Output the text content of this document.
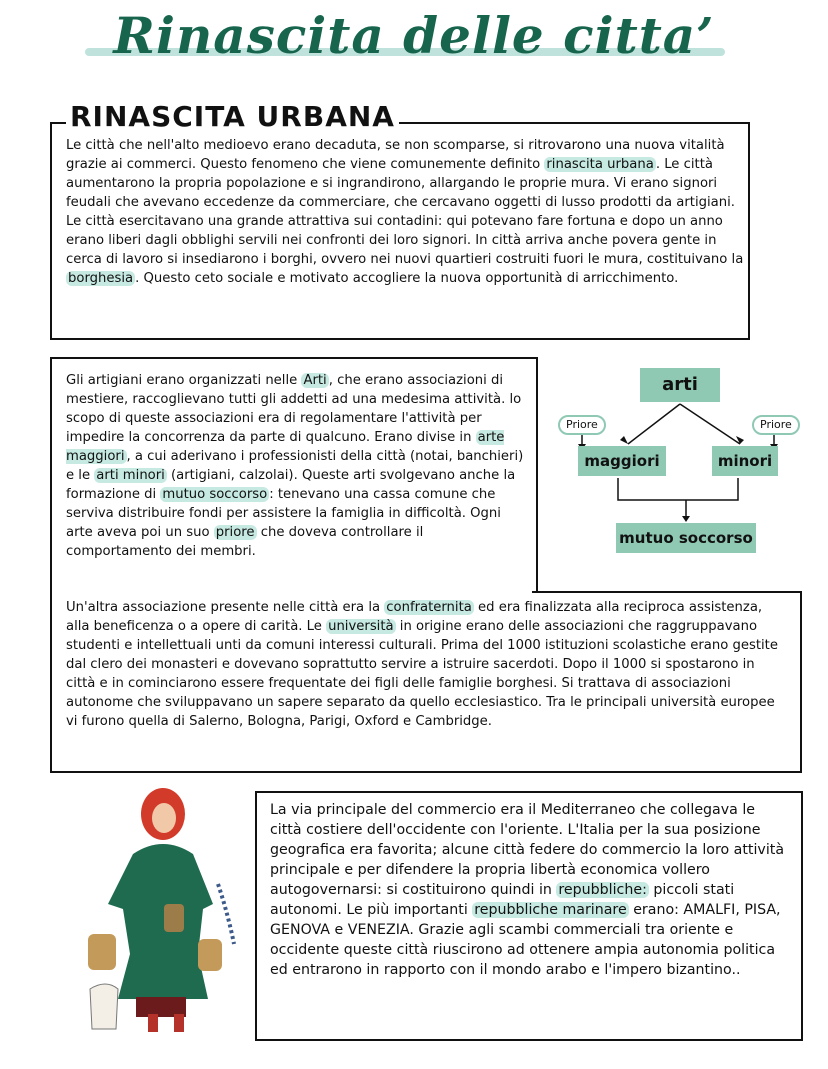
Rinascita delle citta’
RINASCITA URBANA

Le città che nell'alto medioevo erano decaduta, se non scomparse, si ritrovarono una nuova vitalità grazie ai commerci. Questo fenomeno che viene comunemente definito rinascita urbana . Le città aumentarono la propria popolazione e si ingrandirono, allargando le proprie mura. Vi erano signori feudali che avevano eccedenze da commerciare, che cercavano oggetti di lusso prodotti da artigiani. Le città esercitavano una grande attrattiva sui contadini: qui potevano fare fortuna e dopo un anno erano liberi dagli obblighi servili nei confronti dei loro signori. In città arriva anche povera gente in cerca di lavoro si insediarono i borghi, ovvero nei nuovi quartieri costruiti fuori le mura, costituivano la borghesia . Questo ceto sociale e motivato accogliere la nuova opportunità di arricchimento.

Gli artigiani erano organizzati nelle Arti , che erano associazioni di mestiere, raccoglievano tutti gli addetti ad una medesima attività. lo scopo di queste associazioni era di regolamentare l'attività per impedire la concorrenza da parte di qualcuno. Erano divise in arte maggiori , a cui aderivano i professionisti della città (notai, banchieri) e le arti minori (artigiani, calzolai). Queste arti svolgevano anche la formazione di mutuo soccorso : tenevano una cassa comune che serviva distribuire fondi per assistere la famiglia in difficoltà. Ogni arte aveva poi un suo priore che doveva controllare il comportamento dei membri.

arti
Priore	Priore
maggiori	minori
mutuo soccorso

Un'altra associazione presente nelle città era la confraternita ed era finalizzata alla reciproca assistenza, alla beneficenza o a opere di carità. Le università in origine erano delle associazioni che raggruppavano studenti e intellettuali unti da comuni interessi culturali. Prima del 1000 istituzioni scolastiche erano gestite dal clero dei monasteri e dovevano soprattutto servire a istruire sacerdoti. Dopo il 1000 si spostarono in città e in cominciarono essere frequentate dei figli delle famiglie borghesi. Si trattava di associazioni autonome che sviluppavano un sapere separato da quello ecclesiastico. Tra le principali università europee vi furono quella di Salerno, Bologna, Parigi, Oxford e Cambridge.

La via principale del commercio era il Mediterraneo che collegava le città costiere dell'occidente con l'oriente. L'Italia per la sua posizione geografica era favorita; alcune città federe do commercio la loro attività principale e per difendere la propria libertà economica vollero autogovernarsi: si costituirono quindi in repubbliche: piccoli stati autonomi. Le più importanti repubbliche marinare erano: AMALFI, PISA, GENOVA e VENEZIA. Grazie agli scambi commerciali tra oriente e occidente queste città riuscirono ad ottenere ampia autonomia politica ed entrarono in rapporto con il mondo arabo e l'impero bizantino..
